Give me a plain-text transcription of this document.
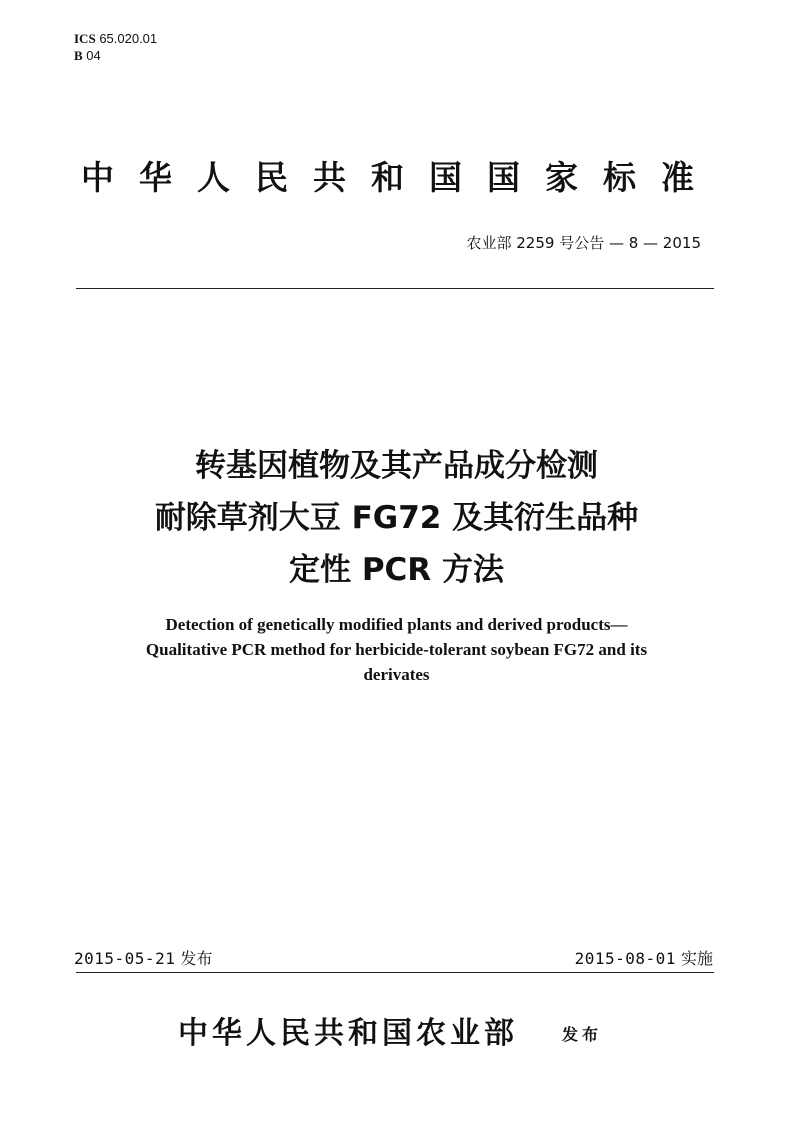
ICS 65.020.01
B 04
中华人民共和国国家标准
农业部 2259 号公告 — 8 — 2015
转基因植物及其产品成分检测
耐除草剂大豆 FG72 及其衍生品种
定性 PCR 方法
Detection of genetically modified plants and derived products—
Qualitative PCR method for herbicide-tolerant soybean FG72 and its
derivates
2015-05-21 发布	2015-08-01 实施
中华人民共和国农业部	发布
